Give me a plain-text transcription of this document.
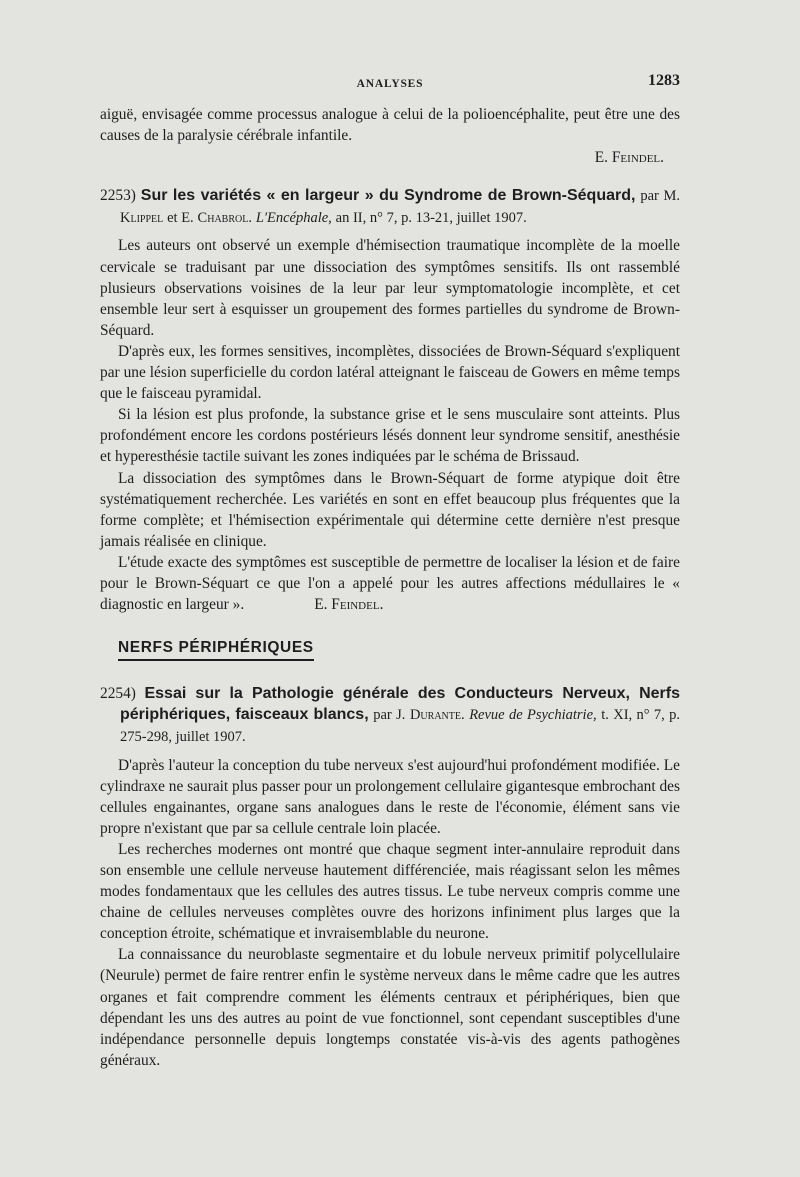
ANALYSES	1283

aiguë, envisagée comme processus analogue à celui de la polioencéphalite, peut être une des causes de la paralysie cérébrale infantile.

E. Feindel.

2253) Sur les variétés « en largeur » du Syndrome de Brown-Séquard, par M. Klippel et E. Chabrol. L'Encéphale, an II, n° 7, p. 13-21, juillet 1907.

Les auteurs ont observé un exemple d'hémisection traumatique incomplète de la moelle cervicale se traduisant par une dissociation des symptômes sensitifs. Ils ont rassemblé plusieurs observations voisines de la leur par leur symptomatologie incomplète, et cet ensemble leur sert à esquisser un groupement des formes partielles du syndrome de Brown-Séquard.

D'après eux, les formes sensitives, incomplètes, dissociées de Brown-Séquard s'expliquent par une lésion superficielle du cordon latéral atteignant le faisceau de Gowers en même temps que le faisceau pyramidal.

Si la lésion est plus profonde, la substance grise et le sens musculaire sont atteints. Plus profondément encore les cordons postérieurs lésés donnent leur syndrome sensitif, anesthésie et hyperesthésie tactile suivant les zones indiquées par le schéma de Brissaud.

La dissociation des symptômes dans le Brown-Séquart de forme atypique doit être systématiquement recherchée. Les variétés en sont en effet beaucoup plus fréquentes que la forme complète; et l'hémisection expérimentale qui détermine cette dernière n'est presque jamais réalisée en clinique.

L'étude exacte des symptômes est susceptible de permettre de localiser la lésion et de faire pour le Brown-Séquart ce que l'on a appelé pour les autres affections médullaires le « diagnostic en largeur ».	E. Feindel.

NERFS PÉRIPHÉRIQUES
2254) Essai sur la Pathologie générale des Conducteurs Nerveux, Nerfs périphériques, faisceaux blancs, par J. Durante. Revue de Psychiatrie, t. XI, n° 7, p. 275-298, juillet 1907.

D'après l'auteur la conception du tube nerveux s'est aujourd'hui profondément modifiée. Le cylindraxe ne saurait plus passer pour un prolongement cellulaire gigantesque embrochant des cellules engainantes, organe sans analogues dans le reste de l'économie, élément sans vie propre n'existant que par sa cellule centrale loin placée.

Les recherches modernes ont montré que chaque segment inter-annulaire reproduit dans son ensemble une cellule nerveuse hautement différenciée, mais réagissant selon les mêmes modes fondamentaux que les cellules des autres tissus. Le tube nerveux compris comme une chaine de cellules nerveuses complètes ouvre des horizons infiniment plus larges que la conception étroite, schématique et invraisemblable du neurone.

La connaissance du neuroblaste segmentaire et du lobule nerveux primitif polycellulaire (Neurule) permet de faire rentrer enfin le système nerveux dans le même cadre que les autres organes et fait comprendre comment les éléments centraux et périphériques, bien que dépendant les uns des autres au point de vue fonctionnel, sont cependant susceptibles d'une indépendance personnelle depuis longtemps constatée vis-à-vis des agents pathogènes généraux.
